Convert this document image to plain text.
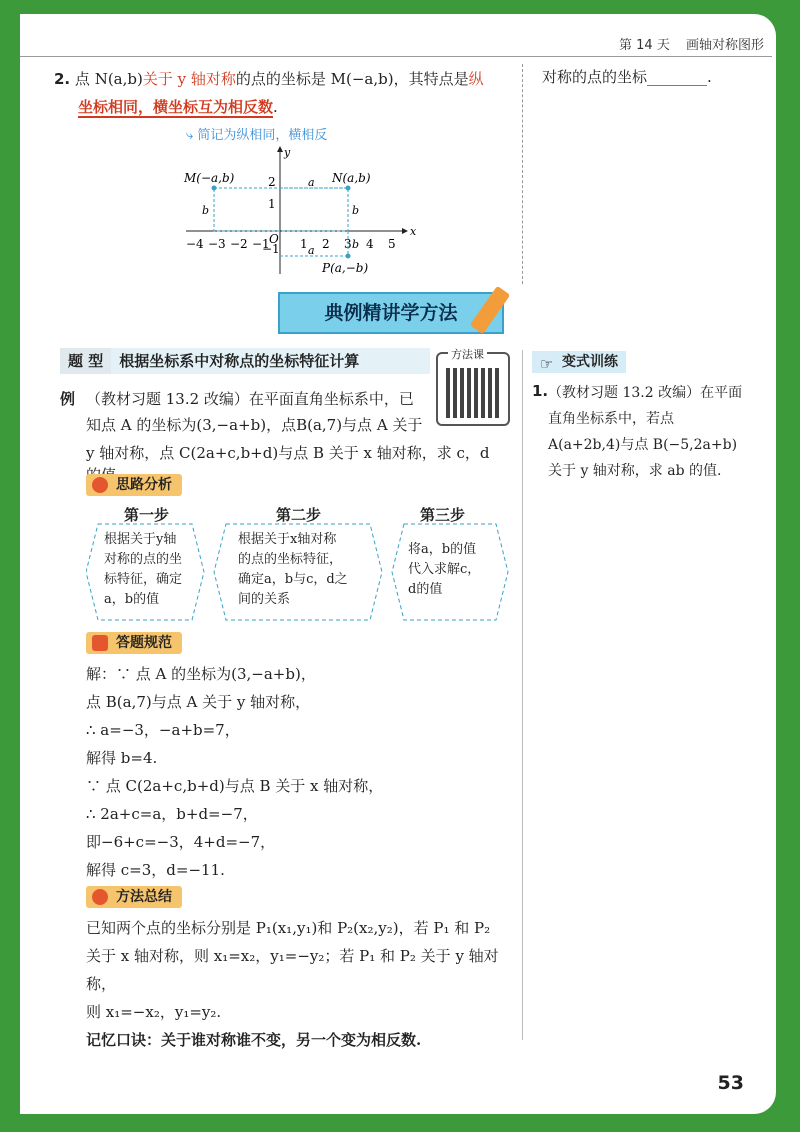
第 14 天 画轴对称图形
2. 点 N(a,b)关于 y 轴对称的点的坐标是 M(−a,b)，其特点是纵
坐标相同，横坐标互为相反数.
⤷ 简记为纵相同，横相反
对称的点的坐标________.
x
y
−4 −3 −2 −1 O 1 2 3 4 5
2
1
−1
M(−a,b)	N(a,b)
P(a,−b)
a
b	b
b
a
典例精讲学方法
题 型 根据坐标系中对称点的坐标特征计算	方法课
例 （教材习题 13.2 改编）在平面直角坐标系中，已
知点 A 的坐标为(3,−a+b)，点B(a,7)与点 A 关于
y 轴对称，点 C(2a+c,b+d)与点 B 关于 x 轴对称，求 c，d
思路分析
第一步	第二步	第三步
根据关于y轴
对称的点的坐
标特征，确定
a，b的值
根据关于x轴对称
的点的坐标特征，
确定a，b与c，d之
间的关系
将a，b的值
代入求解c，
d的值
答题规范
解：∵ 点 A 的坐标为(3,−a+b)，
点 B(a,7)与点 A 关于 y 轴对称，
∴ a=−3，−a+b=7，
解得 b=4.
∵ 点 C(2a+c,b+d)与点 B 关于 x 轴对称，
∴ 2a+c=a，b+d=−7，
即−6+c=−3，4+d=−7，
解得 c=3，d=−11.
方法总结
已知两个点的坐标分别是 P₁(x₁,y₁)和 P₂(x₂,y₂)，若 P₁ 和 P₂
关于 x 轴对称，则 x₁=x₂，y₁=−y₂；若 P₁ 和 P₂ 关于 y 轴对称，
则 x₁=−x₂，y₁=y₂.
记忆口诀：关于谁对称谁不变，另一个变为相反数.
☞ 变式训练
1. （教材习题 13.2 改编）在平面
直角坐标系中，若点
A(a+2b,4)与点 B(−5,2a+b)
关于 y 轴对称，求 ab 的值.
53
